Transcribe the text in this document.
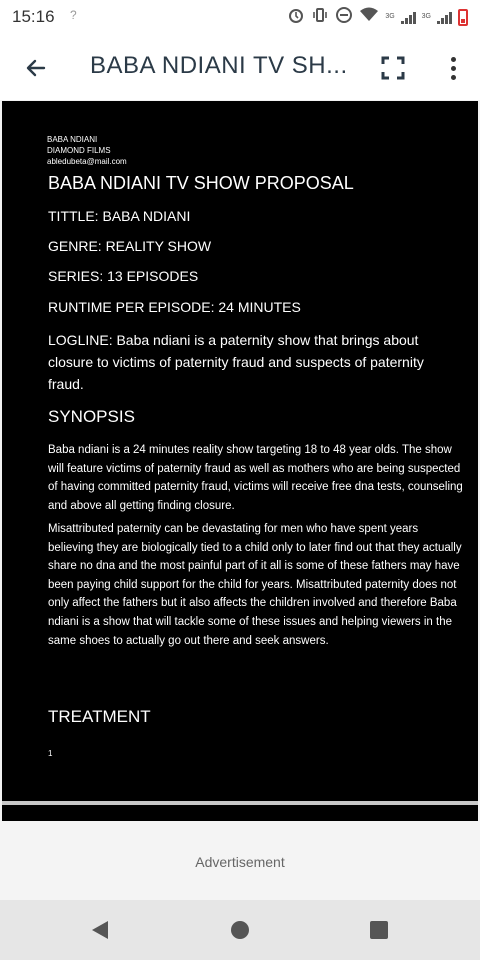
15:16 ?	3G	3G
BABA NDIANI TV SH...
BABA NDIANI
DIAMOND FILMS
abledubeta@mail.com
BABA NDIANI TV SHOW PROPOSAL
TITTLE: BABA NDIANI
GENRE: REALITY SHOW
SERIES: 13 EPISODES
RUNTIME PER EPISODE: 24 MINUTES
LOGLINE: Baba ndiani is a paternity show that brings about closure to victims of paternity fraud and suspects of paternity fraud.
SYNOPSIS
Baba ndiani is a 24 minutes reality show targeting 18 to 48 year olds. The show will feature victims of paternity fraud as well as mothers who are being suspected of having committed paternity fraud, victims will receive free dna tests, counseling and above all getting finding closure.
Misattributed paternity can be devastating for men who have spent years believing they are biologically tied to a child only to later find out that they actually share no dna and the most painful part of it all is some of these fathers may have been paying child support for the child for years. Misattributed paternity does not only affect the fathers but it also affects the children involved and therefore Baba ndiani is a show that will tackle some of these issues and helping viewers in the same shoes to actually go out there and seek answers.
TREATMENT
1
Advertisement
